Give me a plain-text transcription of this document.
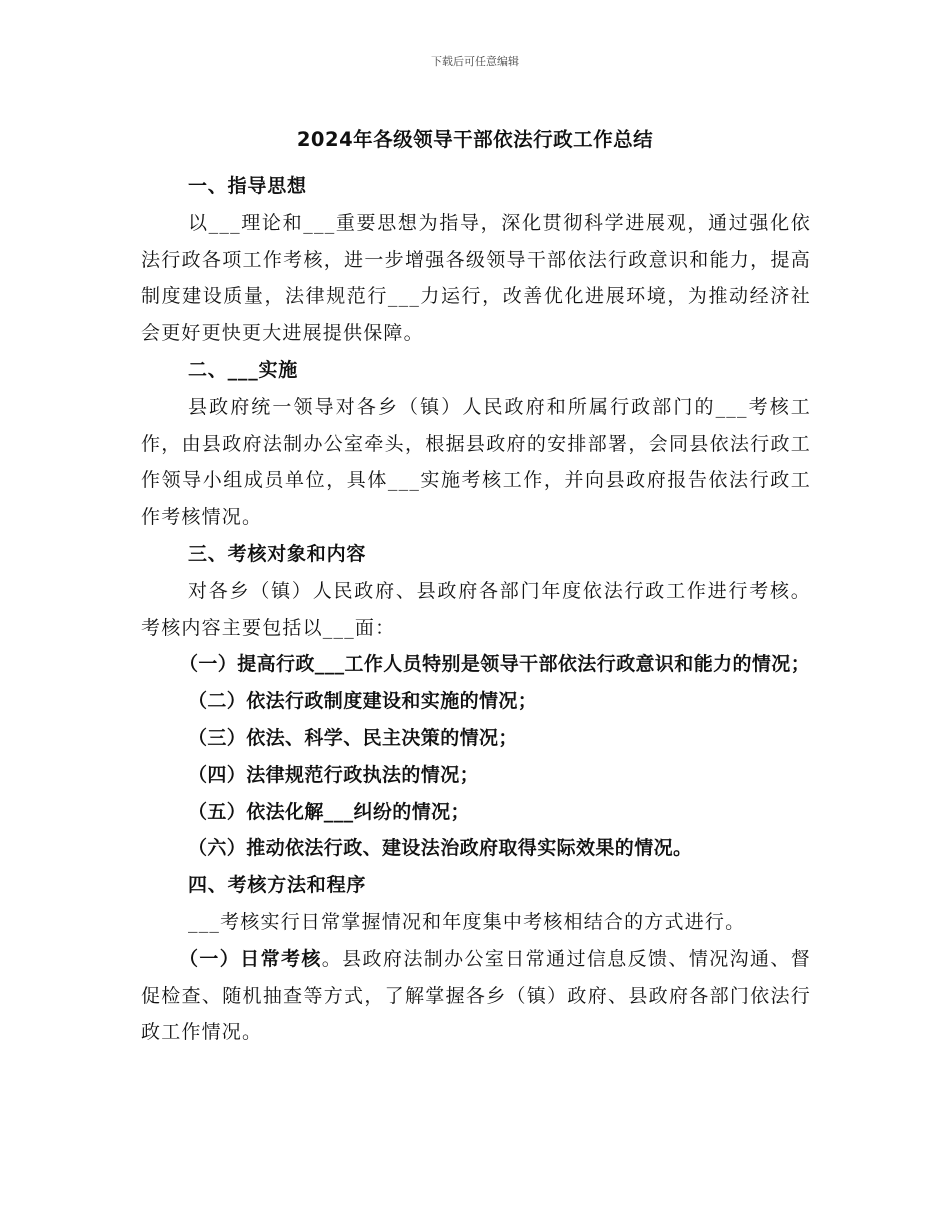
下载后可任意编辑
2024年各级领导干部依法行政工作总结

一、指导思想

以___理论和___重要思想为指导，深化贯彻科学进展观，通过强化依法行政各项工作考核，进一步增强各级领导干部依法行政意识和能力，提高制度建设质量，法律规范行___力运行，改善优化进展环境，为推动经济社会更好更快更大进展提供保障。

二、___实施

县政府统一领导对各乡（镇）人民政府和所属行政部门的___考核工作，由县政府法制办公室牵头，根据县政府的安排部署，会同县依法行政工作领导小组成员单位，具体___实施考核工作，并向县政府报告依法行政工作考核情况。

三、考核对象和内容

对各乡（镇）人民政府、县政府各部门年度依法行政工作进行考核。考核内容主要包括以___面：

（一）提高行政___工作人员特别是领导干部依法行政意识和能力的情况；

（二）依法行政制度建设和实施的情况；

（三）依法、科学、民主决策的情况；

（四）法律规范行政执法的情况；

（五）依法化解___纠纷的情况；

（六）推动依法行政、建设法治政府取得实际效果的情况。

四、考核方法和程序

___考核实行日常掌握情况和年度集中考核相结合的方式进行。

（一）日常考核。县政府法制办公室日常通过信息反馈、情况沟通、督促检查、随机抽查等方式，了解掌握各乡（镇）政府、县政府各部门依法行政工作情况。
